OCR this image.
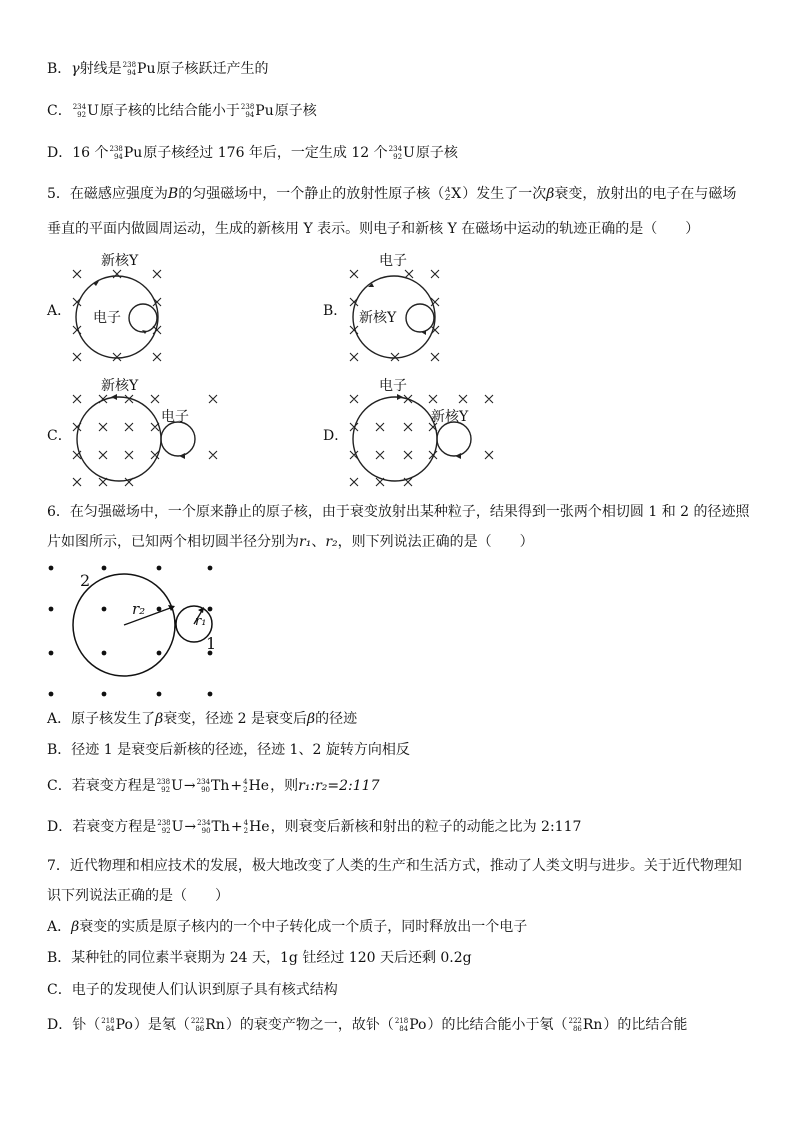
B．γ射线是 238
94 Pu原子核跃迁产生的
C． 234
92 U原子核的比结合能小于 238
94 Pu原子核
D．16 个 238
94 Pu原子核经过 176 年后，一定生成 12 个 234
92 U原子核
5．在磁感应强度为B的匀强磁场中，一个静止的放射性原子核（ A
Z X）发生了一次β衰变，放射出的电子在与磁场
垂直的平面内做圆周运动，生成的新核用 Y 表示。则电子和新核 Y 在磁场中运动的轨迹正确的是（　　）
A．
新核Y
电子	B．
电子
新核Y
C．
新核Y
电子
D．
电子
新核Y
6．在匀强磁场中，一个原来静止的原子核，由于衰变放射出某种粒子，结果得到一张两个相切圆 1 和 2 的径迹照
片如图所示，已知两个相切圆半径分别为r₁、r₂，则下列说法正确的是（　　）
2
1
r₂
r₁
A．原子核发生了β衰变，径迹 2 是衰变后β的径迹
B．径迹 1 是衰变后新核的径迹，径迹 1、2 旋转方向相反
C．若衰变方程是 238
92 U→ 234
90 Th+ 4
2 He，则r₁:r₂=2:117
D．若衰变方程是 238
92 U→ 234
90 Th+ 4
2 He，则衰变后新核和射出的粒子的动能之比为 2:117
7．近代物理和相应技术的发展，极大地改变了人类的生产和生活方式，推动了人类文明与进步。关于近代物理知
识下列说法正确的是（　　）
A．β衰变的实质是原子核内的一个中子转化成一个质子，同时释放出一个电子
B．某种钍的同位素半衰期为 24 天，1g 钍经过 120 天后还剩 0.2g
C．电子的发现使人们认识到原子具有核式结构
D．钋（ 218
84 Po）是氡（ 222
86 Rn）的衰变产物之一，故钋（ 218
84 Po）的比结合能小于氡（ 222
86 Rn）的比结合能
